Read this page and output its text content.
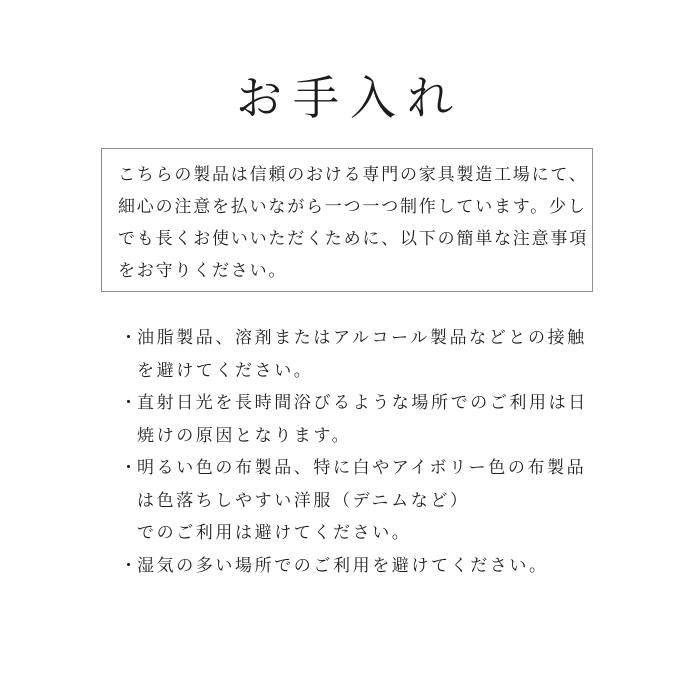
お手入れ
こちらの製品は信頼のおける専門の家具製造工場にて、
細心の注意を払いながら一つ一つ制作しています。少し
でも長くお使いいただくために、以下の簡単な注意事項
をお守りください。
・ 油脂製品、溶剤またはアルコール製品などとの接触
を避けてください。
・ 直射日光を長時間浴びるような場所でのご利用は日
焼けの原因となります。
・ 明るい色の布製品、特に白やアイボリー色の布製品
は色落ちしやすい洋服（デニムなど）
でのご利用は避けてください。
・ 湿気の多い場所でのご利用を避けてください。
